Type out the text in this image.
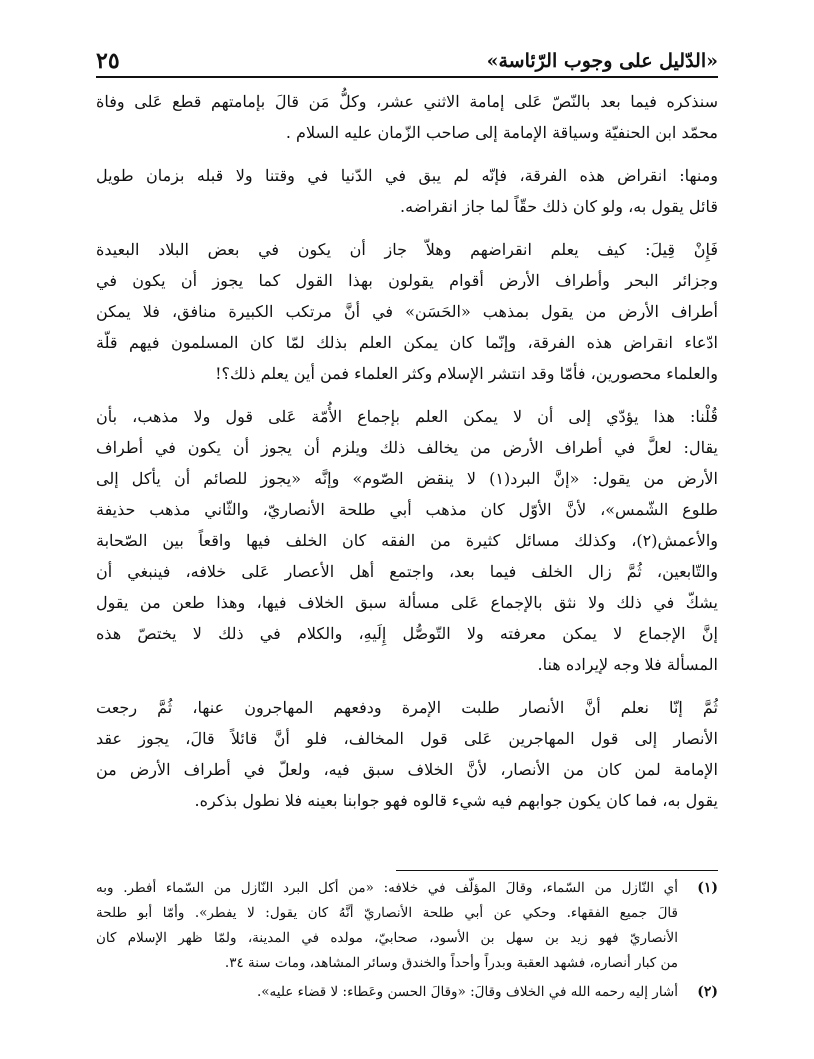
«الدّليل على وجوب الرّئاسة»
٢٥
سنذكره فيما بعد بالنّصّ عَلى إمامة الاثني عشر، وكلُّ مَن قالَ بإمامتهم قطع عَلى وفاة
محمّد ابن الحنفيّة وسياقة الإمامة إلى صاحب الزّمان عليه السلام .
ومنها: انقراض هذه الفرقة، فإنّه لم يبق في الدّنيا في وقتنا ولا قبله بزمان طويل
قائل يقول به، ولو كان ذلك حقّاً لما جاز انقراضه.
فَإِنْ قِيلَ: كيف يعلم انقراضهم وهلاّ جاز أن يكون في بعض البلاد البعيدة
وجزائر البحر وأطراف الأرض أقوام يقولون بهذا القول كما يجوز أن يكون في
أطراف الأرض من يقول بمذهب «الحَسَن» في أنَّ مرتكب الكبيرة منافق، فلا يمكن
ادّعاء انقراض هذه الفرقة، وإنّما كان يمكن العلم بذلك لمّا كان المسلمون فيهم قلّة
والعلماء محصورين، فأمّا وقد انتشر الإسلام وكثر العلماء فمن أين يعلم ذلك؟!
قُلْنا: هذا يؤدّي إلى أن لا يمكن العلم بإجماع الأُمّة عَلى قول ولا مذهب، بأن
يقال: لعلَّ في أطراف الأرض من يخالف ذلك ويلزم أن يجوز أن يكون في أطراف
الأرض من يقول: «إنَّ البرد(١) لا ينقض الصّوم» وإنَّه «يجوز للصائم أن يأكل إلى
طلوع الشّمس»، لأنَّ الأوّل كان مذهب أبي طلحة الأنصاريّ، والثّاني مذهب حذيفة
والأعمش(٢)، وكذلك مسائل كثيرة من الفقه كان الخلف فيها واقعاً بين الصّحابة
والتّابعين، ثُمَّ زال الخلف فيما بعد، واجتمع أهل الأعصار عَلى خلافه، فينبغي أن
يشكّ في ذلك ولا نثق بالإجماع عَلى مسألة سبق الخلاف فيها، وهذا طعن من يقول
إنَّ الإجماع لا يمكن معرفته ولا التّوصُّل إِلَيهِ، والكلام في ذلك لا يختصّ هذه
المسألة فلا وجه لإيراده هنا.
ثُمَّ إنّا نعلم أنَّ الأنصار طلبت الإمرة ودفعهم المهاجرون عنها، ثُمَّ رجعت
الأنصار إلى قول المهاجرين عَلى قول المخالف، فلو أنَّ قائلاً قالَ، يجوز عقد
الإمامة لمن كان من الأنصار، لأنَّ الخلاف سبق فيه، ولعلّ في أطراف الأرض من
يقول به، فما كان يكون جوابهم فيه شيء قالوه فهو جوابنا بعينه فلا نطول بذكره.
(١)
أي النّازل من السّماء، وقالَ المؤلّف في خلافه: «من أكل البرد النّازل من السّماء أفطر. وبه
قالَ جميع الفقهاء. وحكي عن أبي طلحة الأنصاريّ أنَّهُ كان يقول: لا يفطر». وأمّا أبو طلحة
الأنصاريّ فهو زيد بن سهل بن الأسود، صحابيّ، مولده في المدينة، ولمّا ظهر الإسلام كان
من كبار أنصاره، فشهد العقبة وبدراً وأحداً والخندق وسائر المشاهد، ومات سنة ٣٤.
(٢)
أشار إليه رحمه الله في الخلاف وقالَ: «وقالَ الحسن وعَطاء: لا قضاء عليه».
